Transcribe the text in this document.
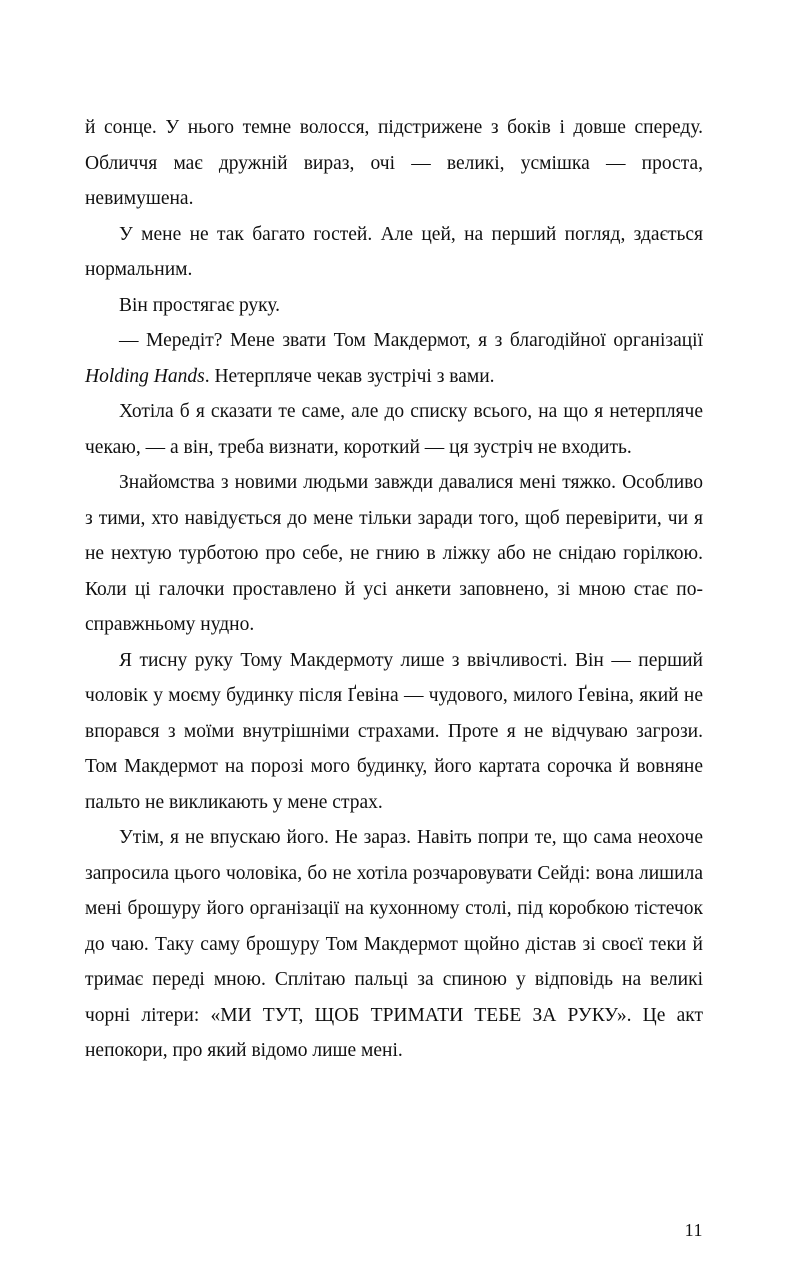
й сонце. У нього темне волосся, підстрижене з боків і довше спереду. Обличчя має дружній вираз, очі — великі, усмішка — проста, невимушена.

У мене не так багато гостей. Але цей, на перший погляд, здається нормальним.

Він простягає руку.

— Мередіт? Мене звати Том Макдермот, я з благодійної організації Holding Hands. Нетерпляче чекав зустрічі з вами.

Хотіла б я сказати те саме, але до списку всього, на що я нетерпляче чекаю, — а він, треба визнати, короткий — ця зустріч не входить.

Знайомства з новими людьми завжди давалися мені тяжко. Особливо з тими, хто навідується до мене тільки заради того, щоб перевірити, чи я не нехтую турботою про себе, не гнию в ліжку або не снідаю горілкою. Коли ці галочки проставлено й усі анкети заповнено, зі мною стає по-справжньому нудно.

Я тисну руку Тому Макдермоту лише з ввічливості. Він — перший чоловік у моєму будинку після Ґевіна — чудового, милого Ґевіна, який не впорався з моїми внутрішніми страхами. Проте я не відчуваю загрози. Том Макдермот на порозі мого будинку, його картата сорочка й вовняне пальто не викликають у мене страх.

Утім, я не впускаю його. Не зараз. Навіть попри те, що сама неохоче запросила цього чоловіка, бо не хотіла розчаровувати Сейді: вона лишила мені брошуру його організації на кухонному столі, під коробкою тістечок до чаю. Таку саму брошуру Том Макдермот щойно дістав зі своєї теки й тримає переді мною. Сплітаю пальці за спиною у відповідь на великі чорні літери: «МИ ТУТ, ЩОБ ТРИМАТИ ТЕБЕ ЗА РУКУ». Це акт непокори, про який відомо лише мені.

11
